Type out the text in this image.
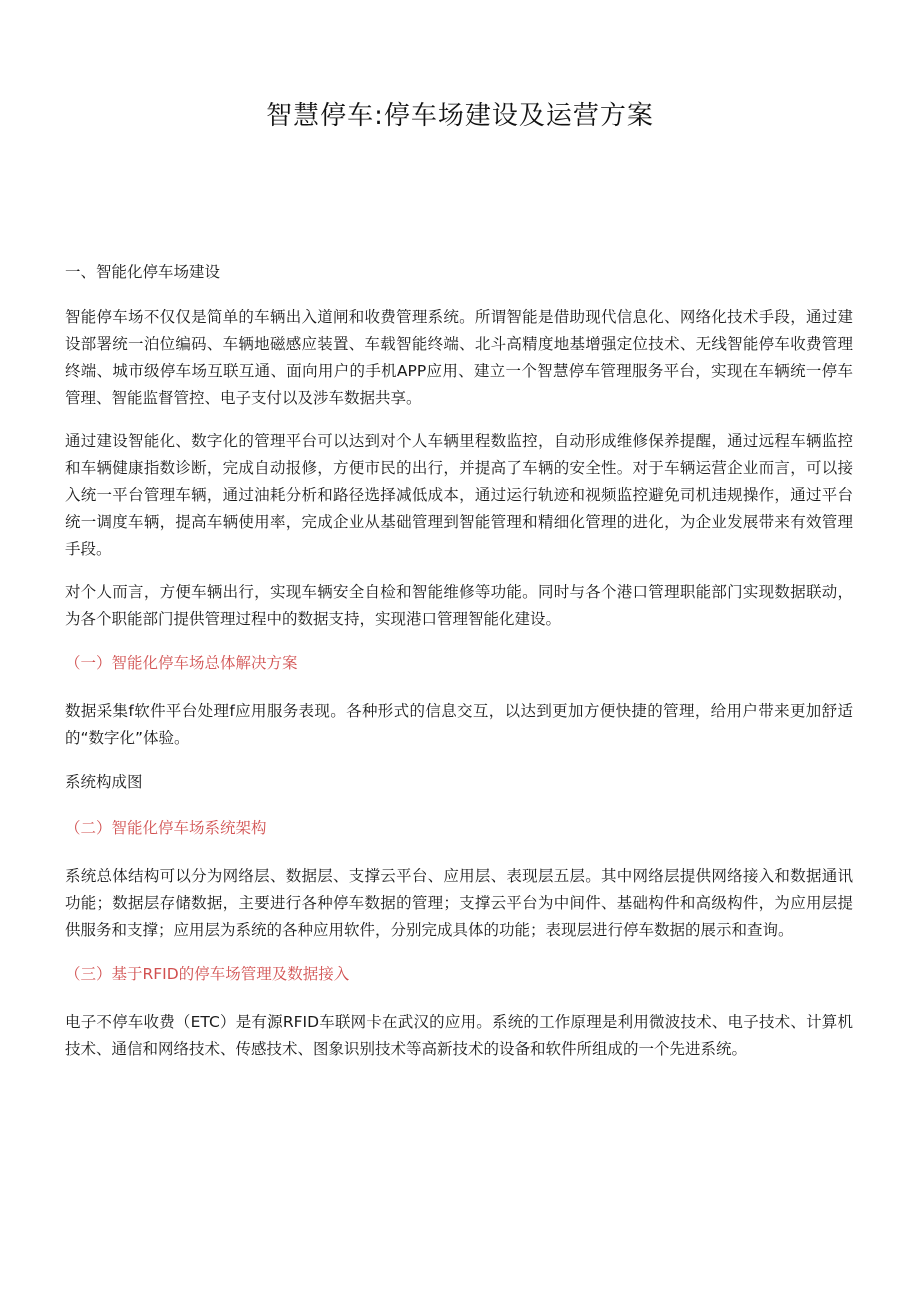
智慧停车:停车场建设及运营方案
一、智能化停车场建设
智能停车场不仅仅是简单的车辆出入道闸和收费管理系统。所谓智能是借助现代信息化、网络化技术手段，通过建设部署统一泊位编码、车辆地磁感应装置、车载智能终端、北斗高精度地基增强定位技术、无线智能停车收费管理终端、城市级停车场互联互通、面向用户的手机APP应用、建立一个智慧停车管理服务平台，实现在车辆统一停车管理、智能监督管控、电子支付以及涉车数据共享。
通过建设智能化、数字化的管理平台可以达到对个人车辆里程数监控，自动形成维修保养提醒，通过远程车辆监控和车辆健康指数诊断，完成自动报修，方便市民的出行，并提高了车辆的安全性。对于车辆运营企业而言，可以接入统一平台管理车辆，通过油耗分析和路径选择减低成本，通过运行轨迹和视频监控避免司机违规操作，通过平台统一调度车辆，提高车辆使用率，完成企业从基础管理到智能管理和精细化管理的进化，为企业发展带来有效管理手段。
对个人而言，方便车辆出行，实现车辆安全自检和智能维修等功能。同时与各个港口管理职能部门实现数据联动，为各个职能部门提供管理过程中的数据支持，实现港口管理智能化建设。
（一）智能化停车场总体解决方案
数据采集f软件平台处理f应用服务表现。各种形式的信息交互，以达到更加方便快捷的管理，给用户带来更加舒适的“数字化”体验。
系统构成图
（二）智能化停车场系统架构
系统总体结构可以分为网络层、数据层、支撑云平台、应用层、表现层五层。其中网络层提供网络接入和数据通讯功能；数据层存储数据，主要进行各种停车数据的管理；支撑云平台为中间件、基础构件和高级构件，为应用层提供服务和支撑；应用层为系统的各种应用软件，分别完成具体的功能；表现层进行停车数据的展示和查询。
（三）基于RFID的停车场管理及数据接入
电子不停车收费（ETC）是有源RFID车联网卡在武汉的应用。系统的工作原理是利用微波技术、电子技术、计算机技术、通信和网络技术、传感技术、图象识别技术等高新技术的设备和软件所组成的一个先进系统。
